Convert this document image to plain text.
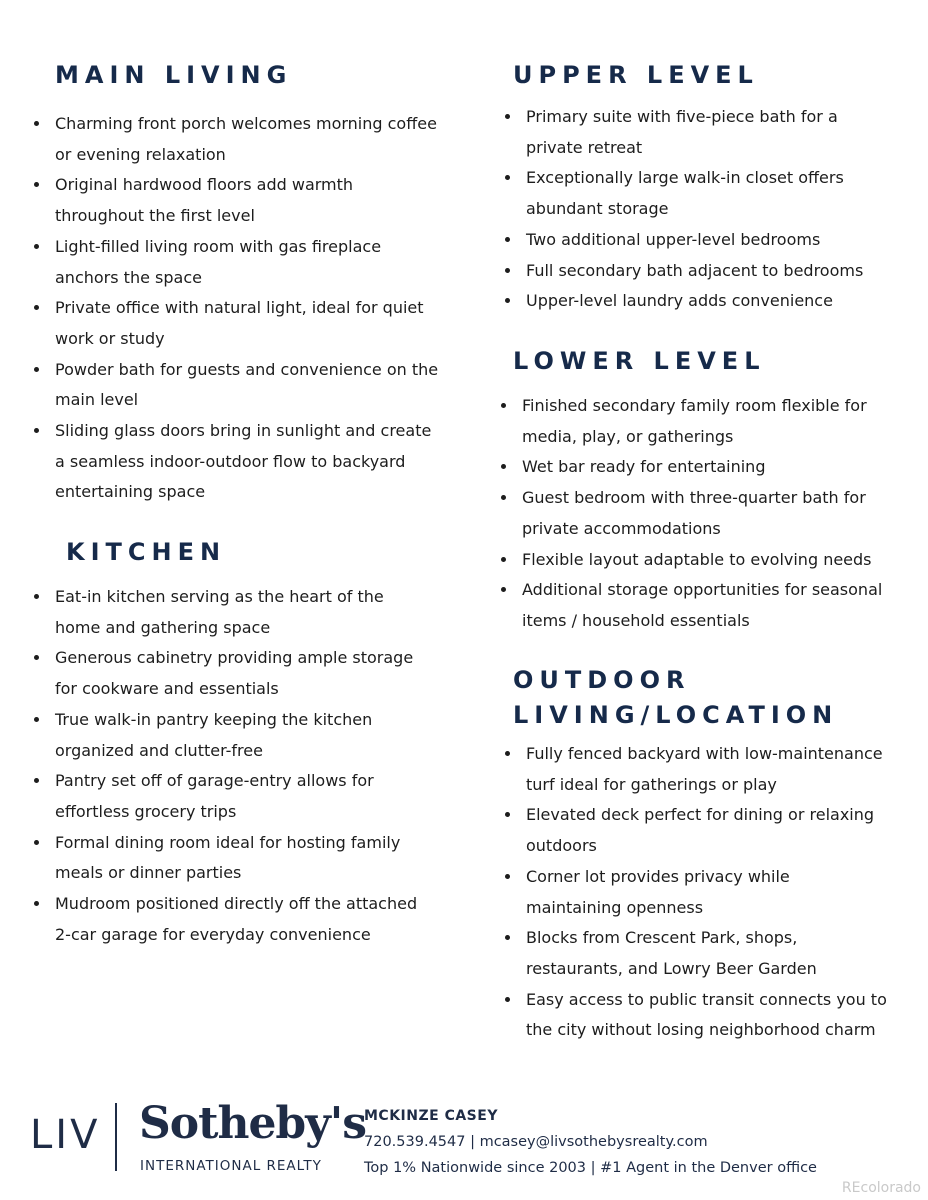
MAIN LIVING
Charming front porch welcomes morning coffee or evening relaxation
Original hardwood floors add warmth throughout the first level
Light-filled living room with gas fireplace anchors the space
Private office with natural light, ideal for quiet work or study
Powder bath for guests and convenience on the main level
Sliding glass doors bring in sunlight and create a seamless indoor-outdoor flow to backyard entertaining space
KITCHEN
Eat-in kitchen serving as the heart of the home and gathering space
Generous cabinetry providing ample storage for cookware and essentials
True walk-in pantry keeping the kitchen organized and clutter-free
Pantry set off of garage-entry allows for effortless grocery trips
Formal dining room ideal for hosting family meals or dinner parties
Mudroom positioned directly off the attached 2-car garage for everyday convenience
UPPER LEVEL
Primary suite with five-piece bath for a private retreat
Exceptionally large walk-in closet offers abundant storage
Two additional upper-level bedrooms
Full secondary bath adjacent to bedrooms
Upper-level laundry adds convenience
LOWER LEVEL
Finished secondary family room flexible for media, play, or gatherings
Wet bar ready for entertaining
Guest bedroom with three-quarter bath for private accommodations
Flexible layout adaptable to evolving needs
Additional storage opportunities for seasonal items / household essentials
OUTDOOR LIVING/LOCATION
Fully fenced backyard with low-maintenance turf ideal for gatherings or play
Elevated deck perfect for dining or relaxing outdoors
Corner lot provides privacy while maintaining openness
Blocks from Crescent Park, shops, restaurants, and Lowry Beer Garden
Easy access to public transit connects you to the city without losing neighborhood charm
LIV Sotheby's
INTERNATIONAL REALTY
MCKINZE CASEY
720.539.4547 | mcasey@livsothebysrealty.com
Top 1% Nationwide since 2003 | #1 Agent in the Denver office
REcolorado
